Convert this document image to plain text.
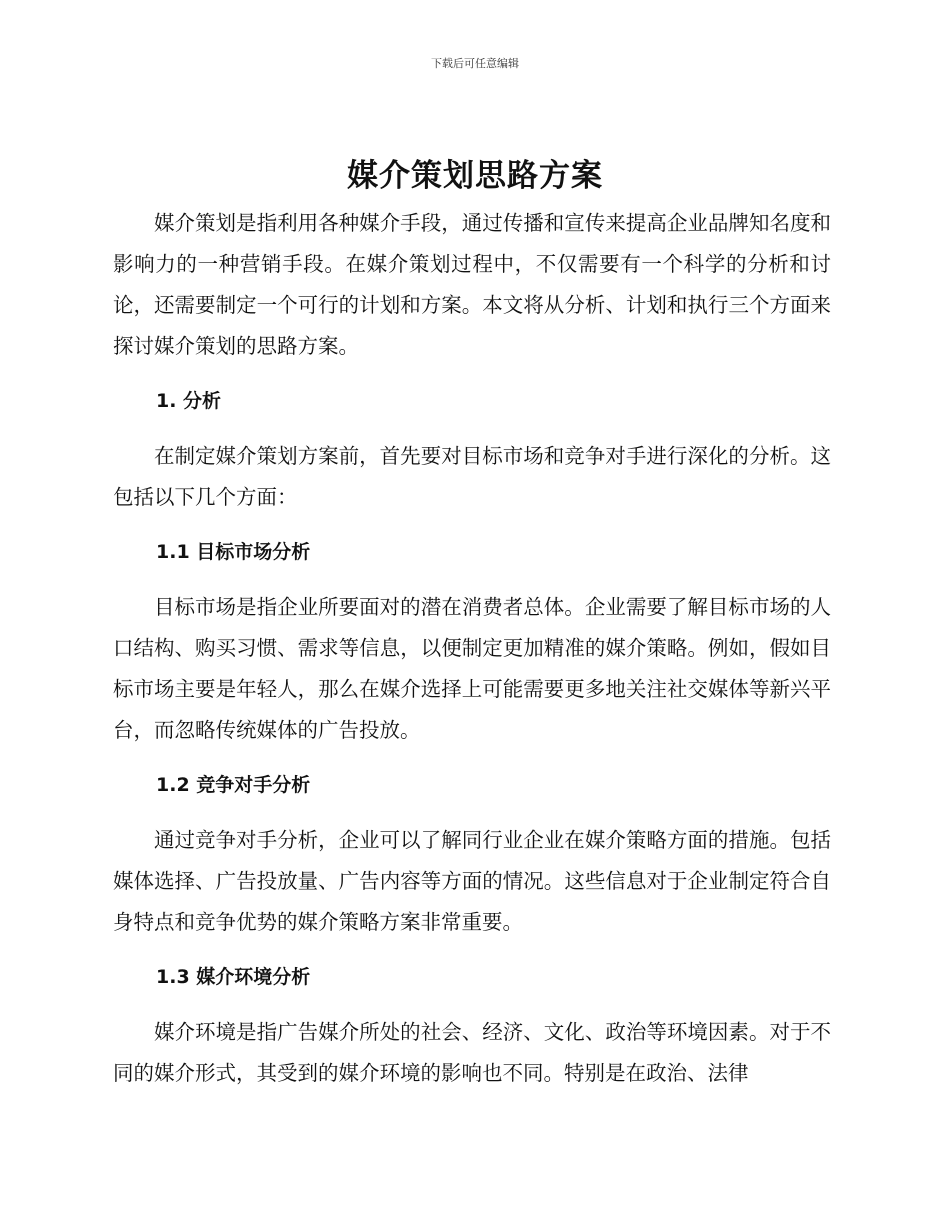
下载后可任意编辑
媒介策划思路方案

媒介策划是指利用各种媒介手段，通过传播和宣传来提高企业品牌知名度和影响力的一种营销手段。在媒介策划过程中，不仅需要有一个科学的分析和讨论，还需要制定一个可行的计划和方案。本文将从分析、计划和执行三个方面来探讨媒介策划的思路方案。

1. 分析

在制定媒介策划方案前，首先要对目标市场和竞争对手进行深化的分析。这包括以下几个方面：

1.1 目标市场分析

目标市场是指企业所要面对的潜在消费者总体。企业需要了解目标市场的人口结构、购买习惯、需求等信息，以便制定更加精准的媒介策略。例如，假如目标市场主要是年轻人，那么在媒介选择上可能需要更多地关注社交媒体等新兴平台，而忽略传统媒体的广告投放。

1.2 竞争对手分析

通过竞争对手分析，企业可以了解同行业企业在媒介策略方面的措施。包括媒体选择、广告投放量、广告内容等方面的情况。这些信息对于企业制定符合自身特点和竞争优势的媒介策略方案非常重要。

1.3 媒介环境分析

媒介环境是指广告媒介所处的社会、经济、文化、政治等环境因素。对于不同的媒介形式，其受到的媒介环境的影响也不同。特别是在政治、法律
